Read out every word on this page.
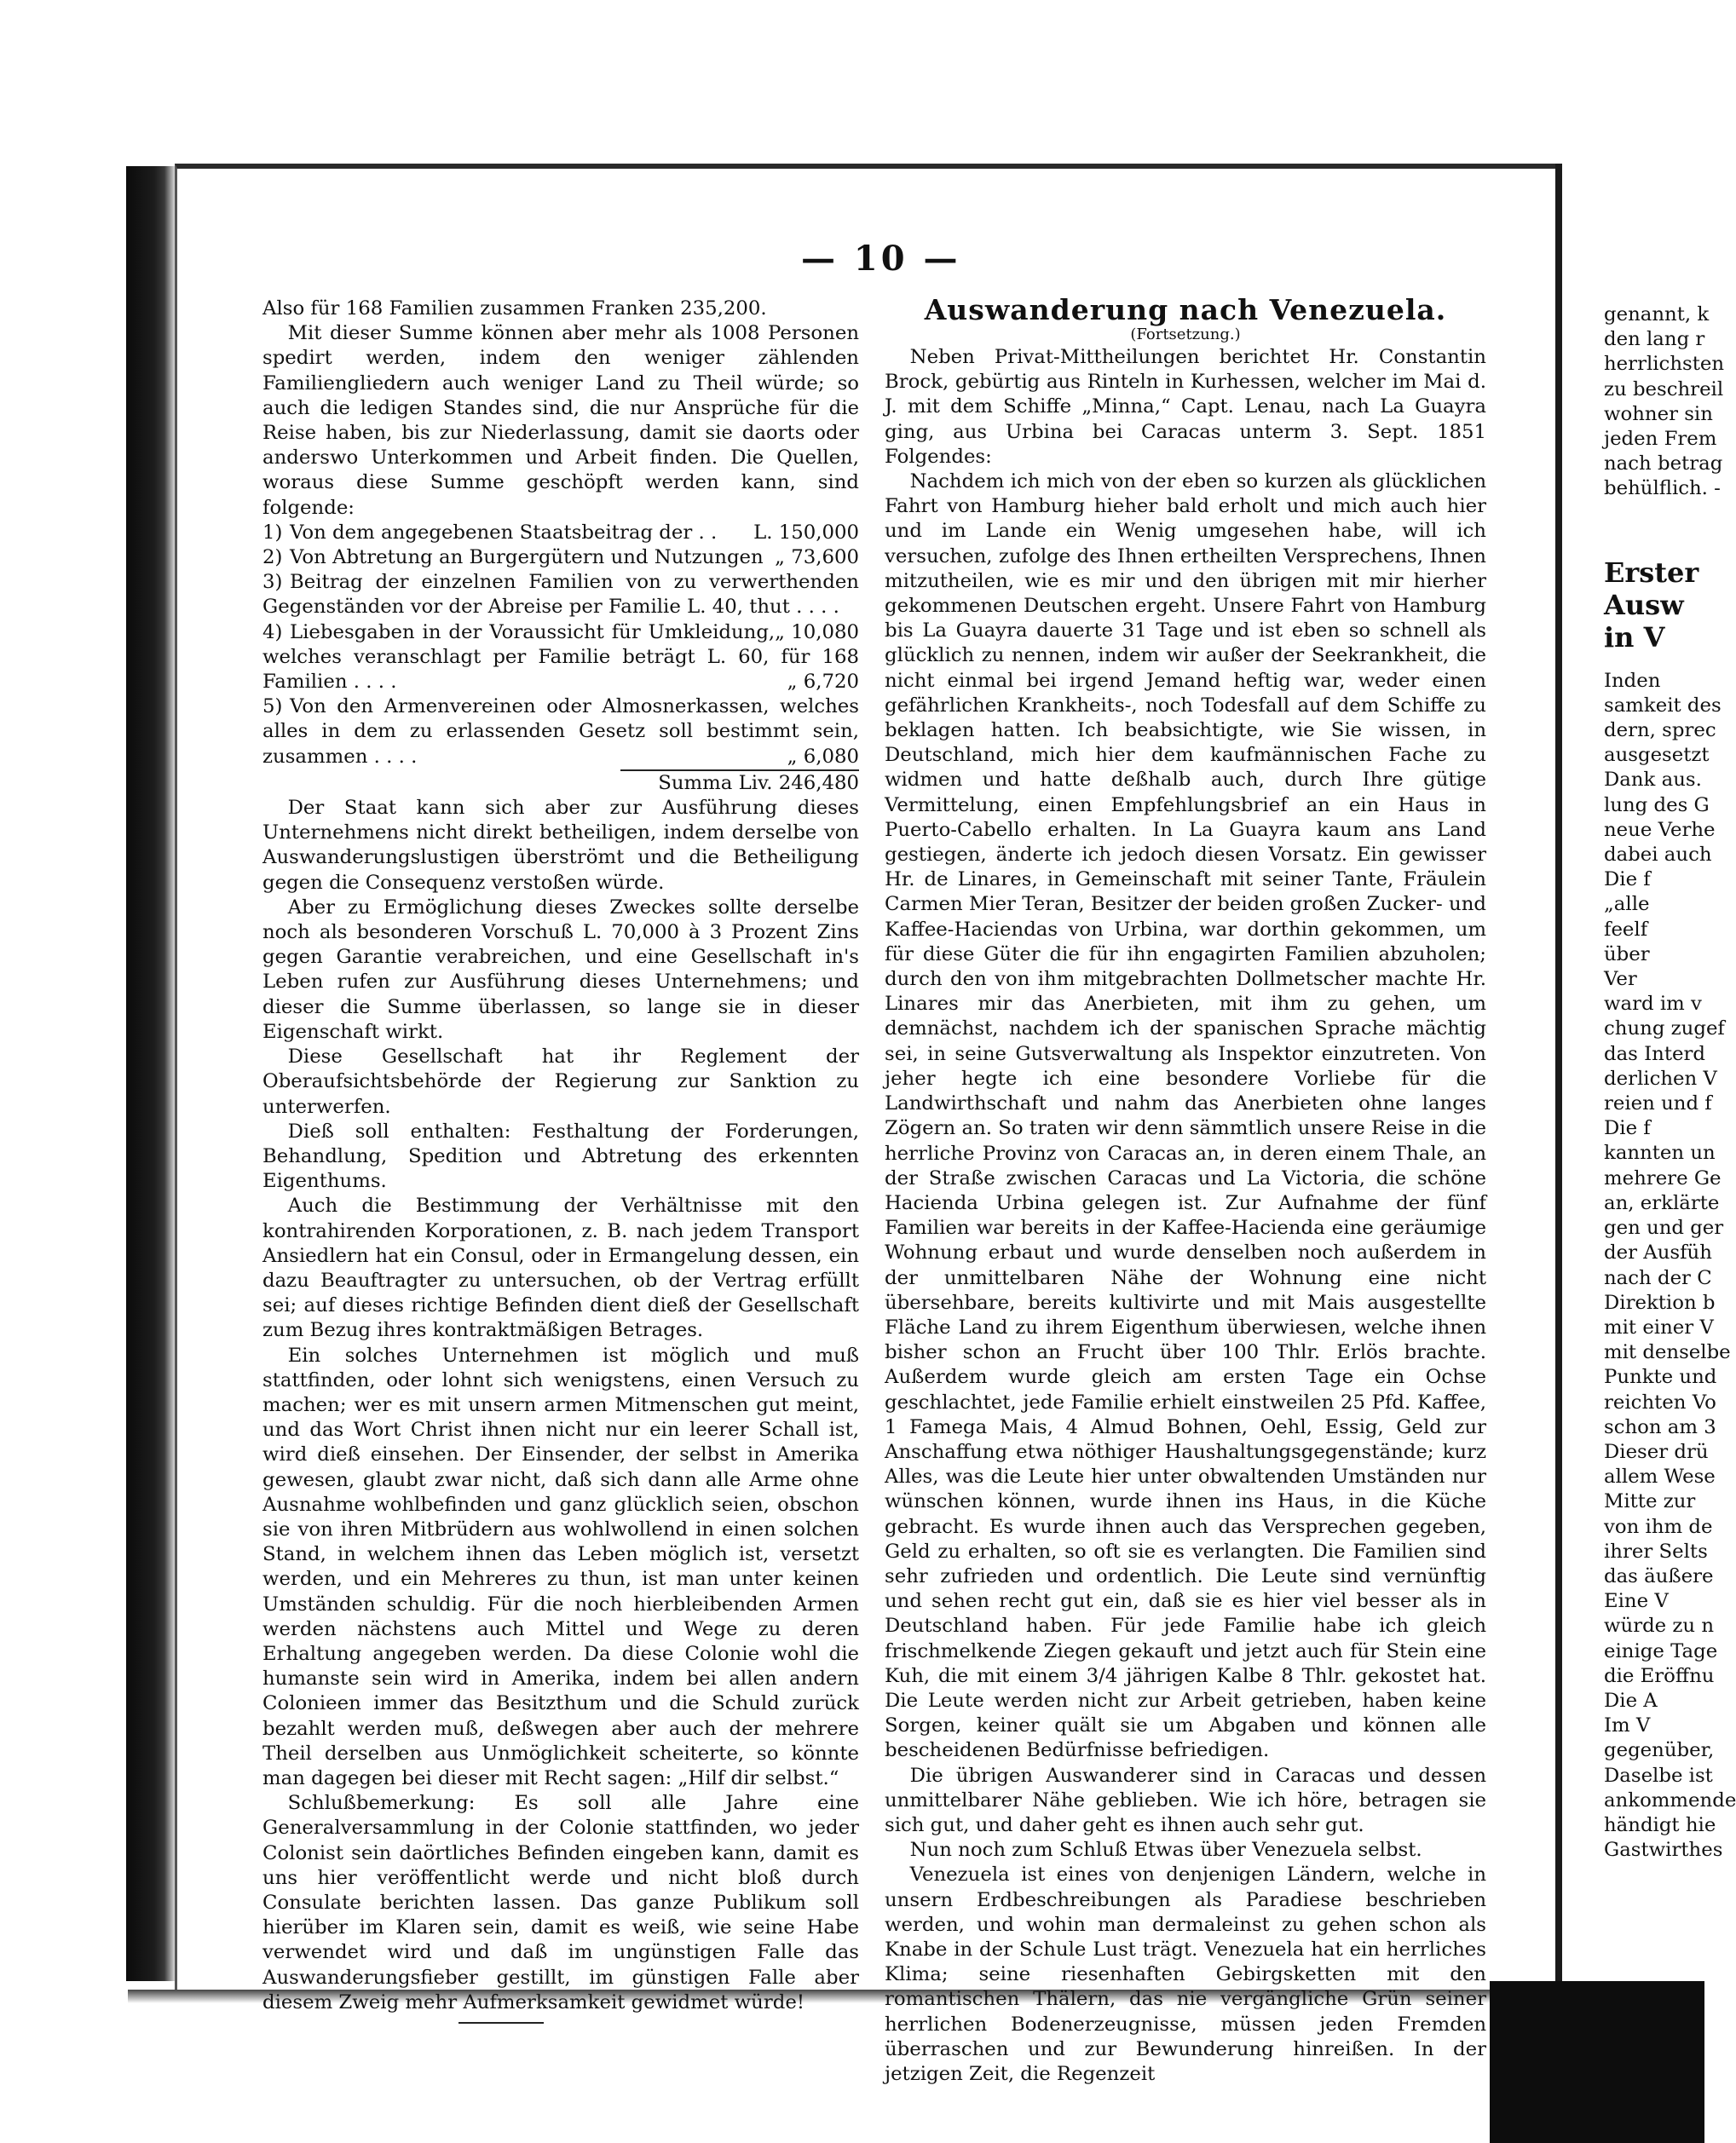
— 10 —

Also für 168 Familien zusammen Franken 235,200.

Mit dieser Summe können aber mehr als 1008 Personen spedirt werden, indem den weniger zählenden Familiengliedern auch weniger Land zu Theil würde; so auch die ledigen Standes sind, die nur Ansprüche für die Reise haben, bis zur Niederlassung, damit sie daorts oder anderswo Unterkommen und Arbeit finden. Die Quellen, woraus diese Summe geschöpft werden kann, sind folgende:

1) Von dem angegebenen Staatsbeitrag der . . L. 150,000
2) Von Abtretung an Burgergütern und Nutzungen „ 73,600
3) Beitrag der einzelnen Familien von zu verwerthenden Gegenständen vor der Abreise per Familie L. 40, thut . . . .
„ 10,080
4) Liebesgaben in der Voraussicht für Umkleidung, welches veranschlagt per Familie beträgt L. 60, für 168 Familien . . . .	„ 6,720
5) Von den Armenvereinen oder Almosnerkassen, welches alles in dem zu erlassenden Gesetz soll bestimmt sein, zusammen . . . .	„ 6,080
Summa Liv. 246,480

Der Staat kann sich aber zur Ausführung dieses Unternehmens nicht direkt betheiligen, indem derselbe von Auswanderungslustigen überströmt und die Betheiligung gegen die Consequenz verstoßen würde.

Aber zu Ermöglichung dieses Zweckes sollte derselbe noch als besonderen Vorschuß L. 70,000 à 3 Prozent Zins gegen Garantie verabreichen, und eine Gesellschaft in's Leben rufen zur Ausführung dieses Unternehmens; und dieser die Summe überlassen, so lange sie in dieser Eigenschaft wirkt.

Diese Gesellschaft hat ihr Reglement der Oberaufsichtsbehörde der Regierung zur Sanktion zu unterwerfen.

Dieß soll enthalten: Festhaltung der Forderungen, Behandlung, Spedition und Abtretung des erkennten Eigenthums.

Auch die Bestimmung der Verhältnisse mit den kontrahirenden Korporationen, z. B. nach jedem Transport Ansiedlern hat ein Consul, oder in Ermangelung dessen, ein dazu Beauftragter zu untersuchen, ob der Vertrag erfüllt sei; auf dieses richtige Befinden dient dieß der Gesellschaft zum Bezug ihres kontraktmäßigen Betrages.

Ein solches Unternehmen ist möglich und muß stattfinden, oder lohnt sich wenigstens, einen Versuch zu machen; wer es mit unsern armen Mitmenschen gut meint, und das Wort Christ ihnen nicht nur ein leerer Schall ist, wird dieß einsehen. Der Einsender, der selbst in Amerika gewesen, glaubt zwar nicht, daß sich dann alle Arme ohne Ausnahme wohlbefinden und ganz glücklich seien, obschon sie von ihren Mitbrüdern aus wohlwollend in einen solchen Stand, in welchem ihnen das Leben möglich ist, versetzt werden, und ein Mehreres zu thun, ist man unter keinen Umständen schuldig. Für die noch hierbleibenden Armen werden nächstens auch Mittel und Wege zu deren Erhaltung angegeben werden. Da diese Colonie wohl die humanste sein wird in Amerika, indem bei allen andern Colonieen immer das Besitzthum und die Schuld zurück bezahlt werden muß, deßwegen aber auch der mehrere Theil derselben aus Unmöglichkeit scheiterte, so könnte man dagegen bei dieser mit Recht sagen: „Hilf dir selbst.“

Schlußbemerkung: Es soll alle Jahre eine Generalversammlung in der Colonie stattfinden, wo jeder Colonist sein daörtliches Befinden eingeben kann, damit es uns hier veröffentlicht werde und nicht bloß durch Consulate berichten lassen. Das ganze Publikum soll hierüber im Klaren sein, damit es weiß, wie seine Habe verwendet wird und daß im ungünstigen Falle das Auswanderungsfieber gestillt, im günstigen Falle aber diesem Zweig mehr Aufmerksamkeit gewidmet würde!

Auswanderung nach Venezuela.
(Fortsetzung.)

Neben Privat-Mittheilungen berichtet Hr. Constantin Brock, gebürtig aus Rinteln in Kurhessen, welcher im Mai d. J. mit dem Schiffe „Minna,“ Capt. Lenau, nach La Guayra ging, aus Urbina bei Caracas unterm 3. Sept. 1851 Folgendes:

Nachdem ich mich von der eben so kurzen als glücklichen Fahrt von Hamburg hieher bald erholt und mich auch hier und im Lande ein Wenig umgesehen habe, will ich versuchen, zufolge des Ihnen ertheilten Versprechens, Ihnen mitzutheilen, wie es mir und den übrigen mit mir hierher gekommenen Deutschen ergeht. Unsere Fahrt von Hamburg bis La Guayra dauerte 31 Tage und ist eben so schnell als glücklich zu nennen, indem wir außer der Seekrankheit, die nicht einmal bei irgend Jemand heftig war, weder einen gefährlichen Krankheits-, noch Todesfall auf dem Schiffe zu beklagen hatten. Ich beabsichtigte, wie Sie wissen, in Deutschland, mich hier dem kaufmännischen Fache zu widmen und hatte deßhalb auch, durch Ihre gütige Vermittelung, einen Empfehlungsbrief an ein Haus in Puerto-Cabello erhalten. In La Guayra kaum ans Land gestiegen, änderte ich jedoch diesen Vorsatz. Ein gewisser Hr. de Linares, in Gemeinschaft mit seiner Tante, Fräulein Carmen Mier Teran, Besitzer der beiden großen Zucker- und Kaffee-Haciendas von Urbina, war dorthin gekommen, um für diese Güter die für ihn engagirten Familien abzuholen; durch den von ihm mitgebrachten Dollmetscher machte Hr. Linares mir das Anerbieten, mit ihm zu gehen, um demnächst, nachdem ich der spanischen Sprache mächtig sei, in seine Gutsverwaltung als Inspektor einzutreten. Von jeher hegte ich eine besondere Vorliebe für die Landwirthschaft und nahm das Anerbieten ohne langes Zögern an. So traten wir denn sämmtlich unsere Reise in die herrliche Provinz von Caracas an, in deren einem Thale, an der Straße zwischen Caracas und La Victoria, die schöne Hacienda Urbina gelegen ist. Zur Aufnahme der fünf Familien war bereits in der Kaffee-Hacienda eine geräumige Wohnung erbaut und wurde denselben noch außerdem in der unmittelbaren Nähe der Wohnung eine nicht übersehbare, bereits kultivirte und mit Mais ausgestellte Fläche Land zu ihrem Eigenthum überwiesen, welche ihnen bisher schon an Frucht über 100 Thlr. Erlös brachte. Außerdem wurde gleich am ersten Tage ein Ochse geschlachtet, jede Familie erhielt einstweilen 25 Pfd. Kaffee, 1 Famega Mais, 4 Almud Bohnen, Oehl, Essig, Geld zur Anschaffung etwa nöthiger Haushaltungsgegenstände; kurz Alles, was die Leute hier unter obwaltenden Umständen nur wünschen können, wurde ihnen ins Haus, in die Küche gebracht. Es wurde ihnen auch das Versprechen gegeben, Geld zu erhalten, so oft sie es verlangten. Die Familien sind sehr zufrieden und ordentlich. Die Leute sind vernünftig und sehen recht gut ein, daß sie es hier viel besser als in Deutschland haben. Für jede Familie habe ich gleich frischmelkende Ziegen gekauft und jetzt auch für Stein eine Kuh, die mit einem 3/4 jährigen Kalbe 8 Thlr. gekostet hat. Die Leute werden nicht zur Arbeit getrieben, haben keine Sorgen, keiner quält sie um Abgaben und können alle bescheidenen Bedürfnisse befriedigen.

Die übrigen Auswanderer sind in Caracas und dessen unmittelbarer Nähe geblieben. Wie ich höre, betragen sie sich gut, und daher geht es ihnen auch sehr gut.

Nun noch zum Schluß Etwas über Venezuela selbst.

Venezuela ist eines von denjenigen Ländern, welche in unsern Erdbeschreibungen als Paradiese beschrieben werden, und wohin man dermaleinst zu gehen schon als Knabe in der Schule Lust trägt. Venezuela hat ein herrliches Klima; seine riesenhaften Gebirgsketten mit den romantischen Thälern, das nie vergängliche Grün seiner herrlichen Bodenerzeugnisse, müssen jeden Fremden überraschen und zur Bewunderung hinreißen. In der jetzigen Zeit, die Regenzeit

genannt, k
den lang r
herrlichsten
zu beschreil
wohner sin
jeden Frem
nach betrag
behülflich. -
Erster
Ausw
in V
Inden
samkeit des
dern, sprec
ausgesetzt
Dank aus.
lung des G
neue Verhe
dabei auch
Die f
„alle
feelf
über
Ver
ward im v
chung zugef
das Interd
derlichen V
reien und f
Die f
kannten un
mehrere Ge
an, erklärte
gen und ger
der Ausfüh
nach der C
Direktion b
mit einer V
mit denselbe
Punkte und
reichten Vo
schon am 3
Dieser drü
allem Wese
Mitte zur
von ihm de
ihrer Selts
das äußere
Eine V
würde zu n
einige Tage
die Eröffnu
Die A
Im V
gegenüber,
Daselbe ist
ankommende
händigt hie
Gastwirthes
